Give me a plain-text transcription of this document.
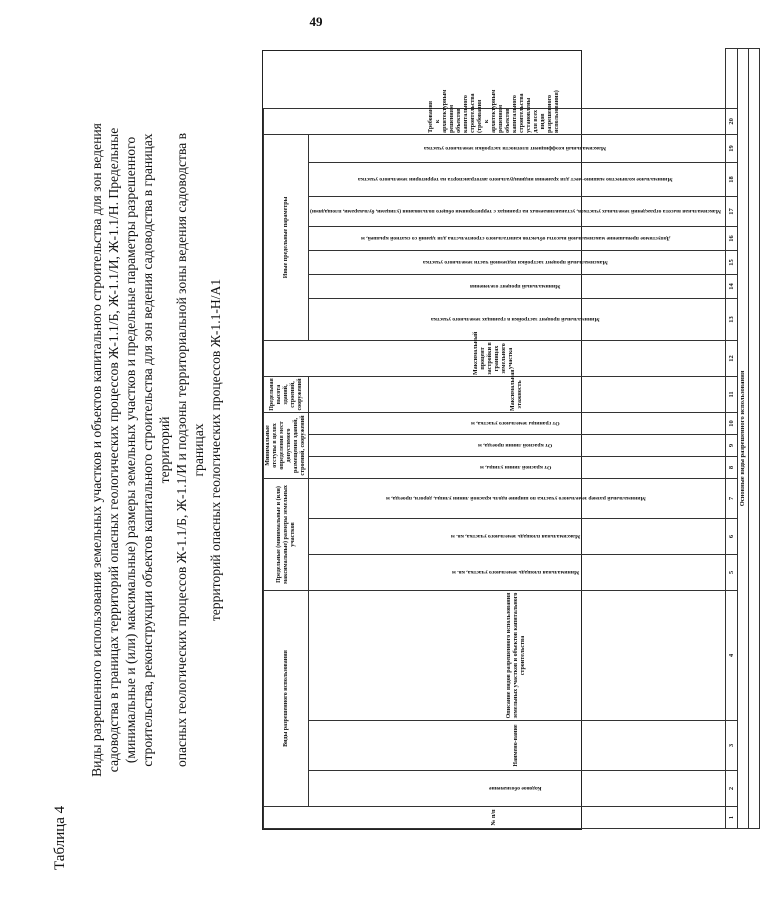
49
Таблица 4
Виды разрешенного использования земельных участков и объектов капитального строительства для зон ведения садоводства в границах территорий опасных геологических процессов Ж-1.1/Б, Ж-1.1/И, Ж-1.1/Н. Предельные (минимальные и (или) максимальные) размеры земельных участков и предельные параметры разрешенного строительства, реконструкции объектов капитального строительства для зон ведения садоводства в границах территорий опасных геологических процессов Ж-1.1/Б, Ж-1.1/И и подзоны территориальной зоны ведения садоводства в границах территорий опасных геологических процессов Ж-1.1-Н/А1
№ п/п	Виды разрешенного использования			Предельные (минимальные и (или) максимальные) размеры земельных участков			Минимальные отступы в целях определения мест допустимого размещения зданий, строений, сооружений			Предельная высота зданий, строений, сооружений	Максимальный процент застройки в границах земельного участка	Иные предельные параметры							Требования к архитектурным решениям объектов капитального строительства (требования к архитектурным решениям объектов капитального строительства установлены для всех видов разрешенного использования)	
	Кодовое обозначение	Наимено-вание	Описание видов разрешенного использования земельных участков и объектов капитального строительства	Минимальная площадь земельного участка, кв. м	Максимальная площадь земельного участка, кв. м	Минимальный размер земельного участка по ширине вдоль красной линии улицы, дороги, проезда, м	От красной линии улицы, м	От красной линии проезда, м	От границы земельного участка, м	Максимальная этажность		Минимальный процент застройки в границах земельного участка	Минимальный процент озеленения	Максимальный процент застройки подземной части земельного участка	Допустимое превышение максимальной высоты объектов капитального строительства для зданий со скатной крышей, м	Максимальная высота ограждений земельных участков, устанавливаемых на границах с территориями общего пользования (улицами, бульварами, площадями)	Минимальное количество машино-мест для хранения индивидуального автотранспорта на территории земельного участка	Максимальный коэффициент плотности застройки земельного участка		

1	2	3	4	5	6	7	8	9	10	11	12	13	14	15	16	17	18	19	20	
Основные виды разрешенного использования																				
